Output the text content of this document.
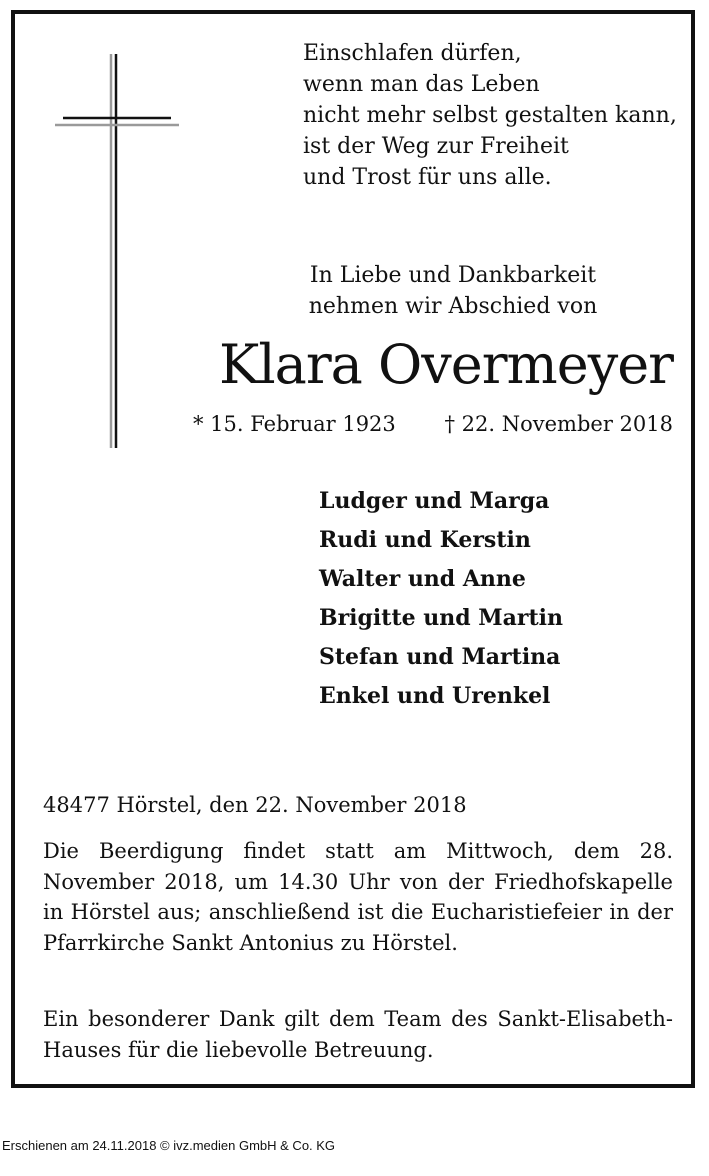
Einschlafen dürfen,
wenn man das Leben
nicht mehr selbst gestalten kann,
ist der Weg zur Freiheit
und Trost für uns alle.
In Liebe und Dankbarkeit
nehmen wir Abschied von
Klara Overmeyer
* 15. Februar 1923 † 22. November 2018
Ludger und Marga
Rudi und Kerstin
Walter und Anne
Brigitte und Martin
Stefan und Martina
Enkel und Urenkel
48477 Hörstel, den 22. November 2018
Die Beerdigung findet statt am Mittwoch, dem 28. November 2018, um 14.30 Uhr von der Friedhofskapelle in Hörstel aus; anschließend ist die Eucharistiefeier in der Pfarrkirche Sankt Antonius zu Hörstel.
Ein besonderer Dank gilt dem Team des Sankt-Elisabeth-Hauses für die liebevolle Betreuung.
Erschienen am 24.11.2018 © ivz.medien GmbH & Co. KG
